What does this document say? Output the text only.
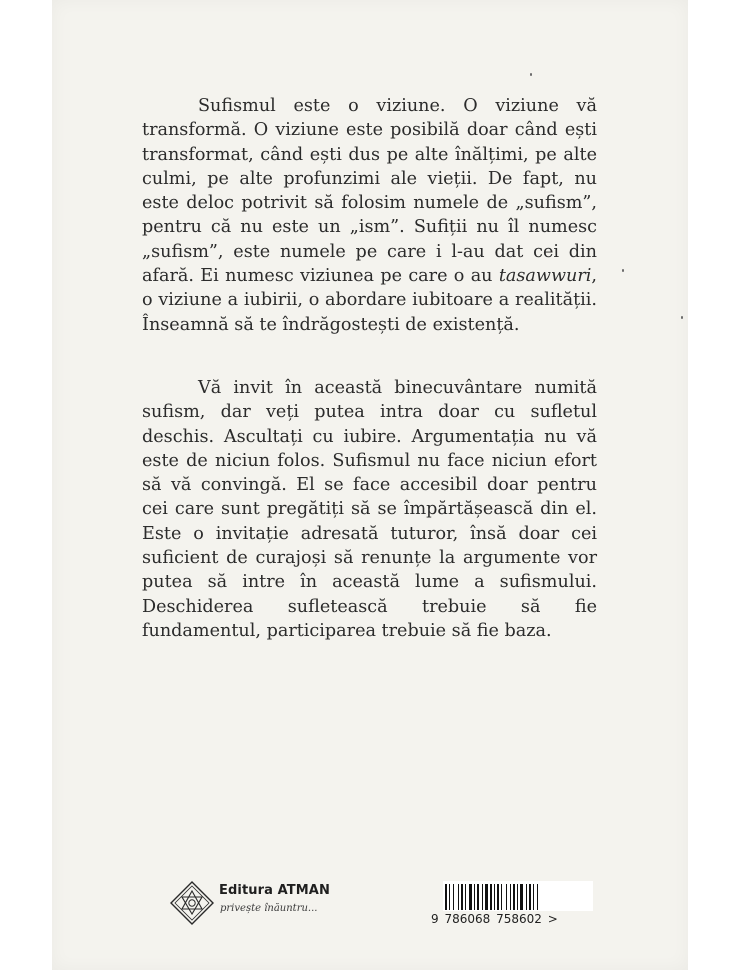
Sufismul este o viziune. O viziune vă transformă. O viziune este posibilă doar când ești transformat, când ești dus pe alte înălțimi, pe alte culmi, pe alte profunzimi ale vieții. De fapt, nu este deloc potrivit să folosim numele de „sufism”, pentru că nu este un „ism”. Sufiții nu îl numesc „sufism”, este numele pe care i l-au dat cei din afară. Ei numesc viziunea pe care o au tasawwuri, o viziune a iubirii, o abordare iubitoare a realității. Înseamnă să te îndrăgostești de existență.

Vă invit în această binecuvântare numită sufism, dar veți putea intra doar cu sufletul deschis. Ascultați cu iubire. Argumentația nu vă este de niciun folos. Sufismul nu face niciun efort să vă convingă. El se face accesibil doar pentru cei care sunt pregătiți să se împărtășească din el. Este o invitație adresată tuturor, însă doar cei suficient de curajoși să renunțe la argumente vor putea să intre în această lume a sufismului. Deschiderea sufletească trebuie să fie fundamentul, participarea trebuie să fie baza.

Editura ATMAN
privește înăuntru...
9 786068 758602 >
